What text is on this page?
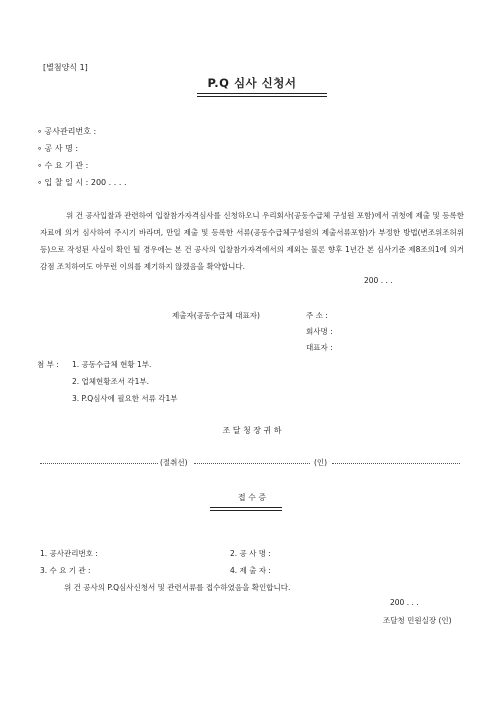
[별첨양식 1]
P.Q 심사 신청서
∘ 공사관리번호 :
∘ 공 사 명 :
∘ 수 요 기 관 :
∘ 입 찰 일 시 : 200 . . . .
위 건 공사입찰과 관련하여 입찰참가자격심사를 신청하오니 우리회사(공동수급체 구성원 포함)에서 귀청에 제출 및 등록한 자료에 의거 심사하여 주시기 바라며, 만일 제출 및 등록한 서류(공동수급체구성원의 제출서류포함)가 부정한 방법(변조위조허위등)으로 작성된 사실이 확인 될 경우에는 본 건 공사의 입찰참가자격에서의 제외는 물론 향후 1년간 본 심사기준 제8조의1에 의거 감점 조치하여도 아무런 이의를 제기하지 않겠음을 확약합니다.
200 . . .
제출자(공동수급체 대표자)	주 소 :
회사명 :
대표자 :
첨 부 : 1. 공동수급체 현황 1부.
2. 업체현황조서 각1부.
3. P.Q심사에 필요한 서류 각1부
조 달 청 장 귀 하
(절취선)	(인)
접 수 증
1. 공사관리번호 :	2. 공 사 명 :
3. 수 요 기 관 :	4. 제 출 자 :
위 건 공사의 P.Q심사신청서 및 관련서류를 접수하였음을 확인합니다.
200 . . .
조달청 민원실장 (인)
